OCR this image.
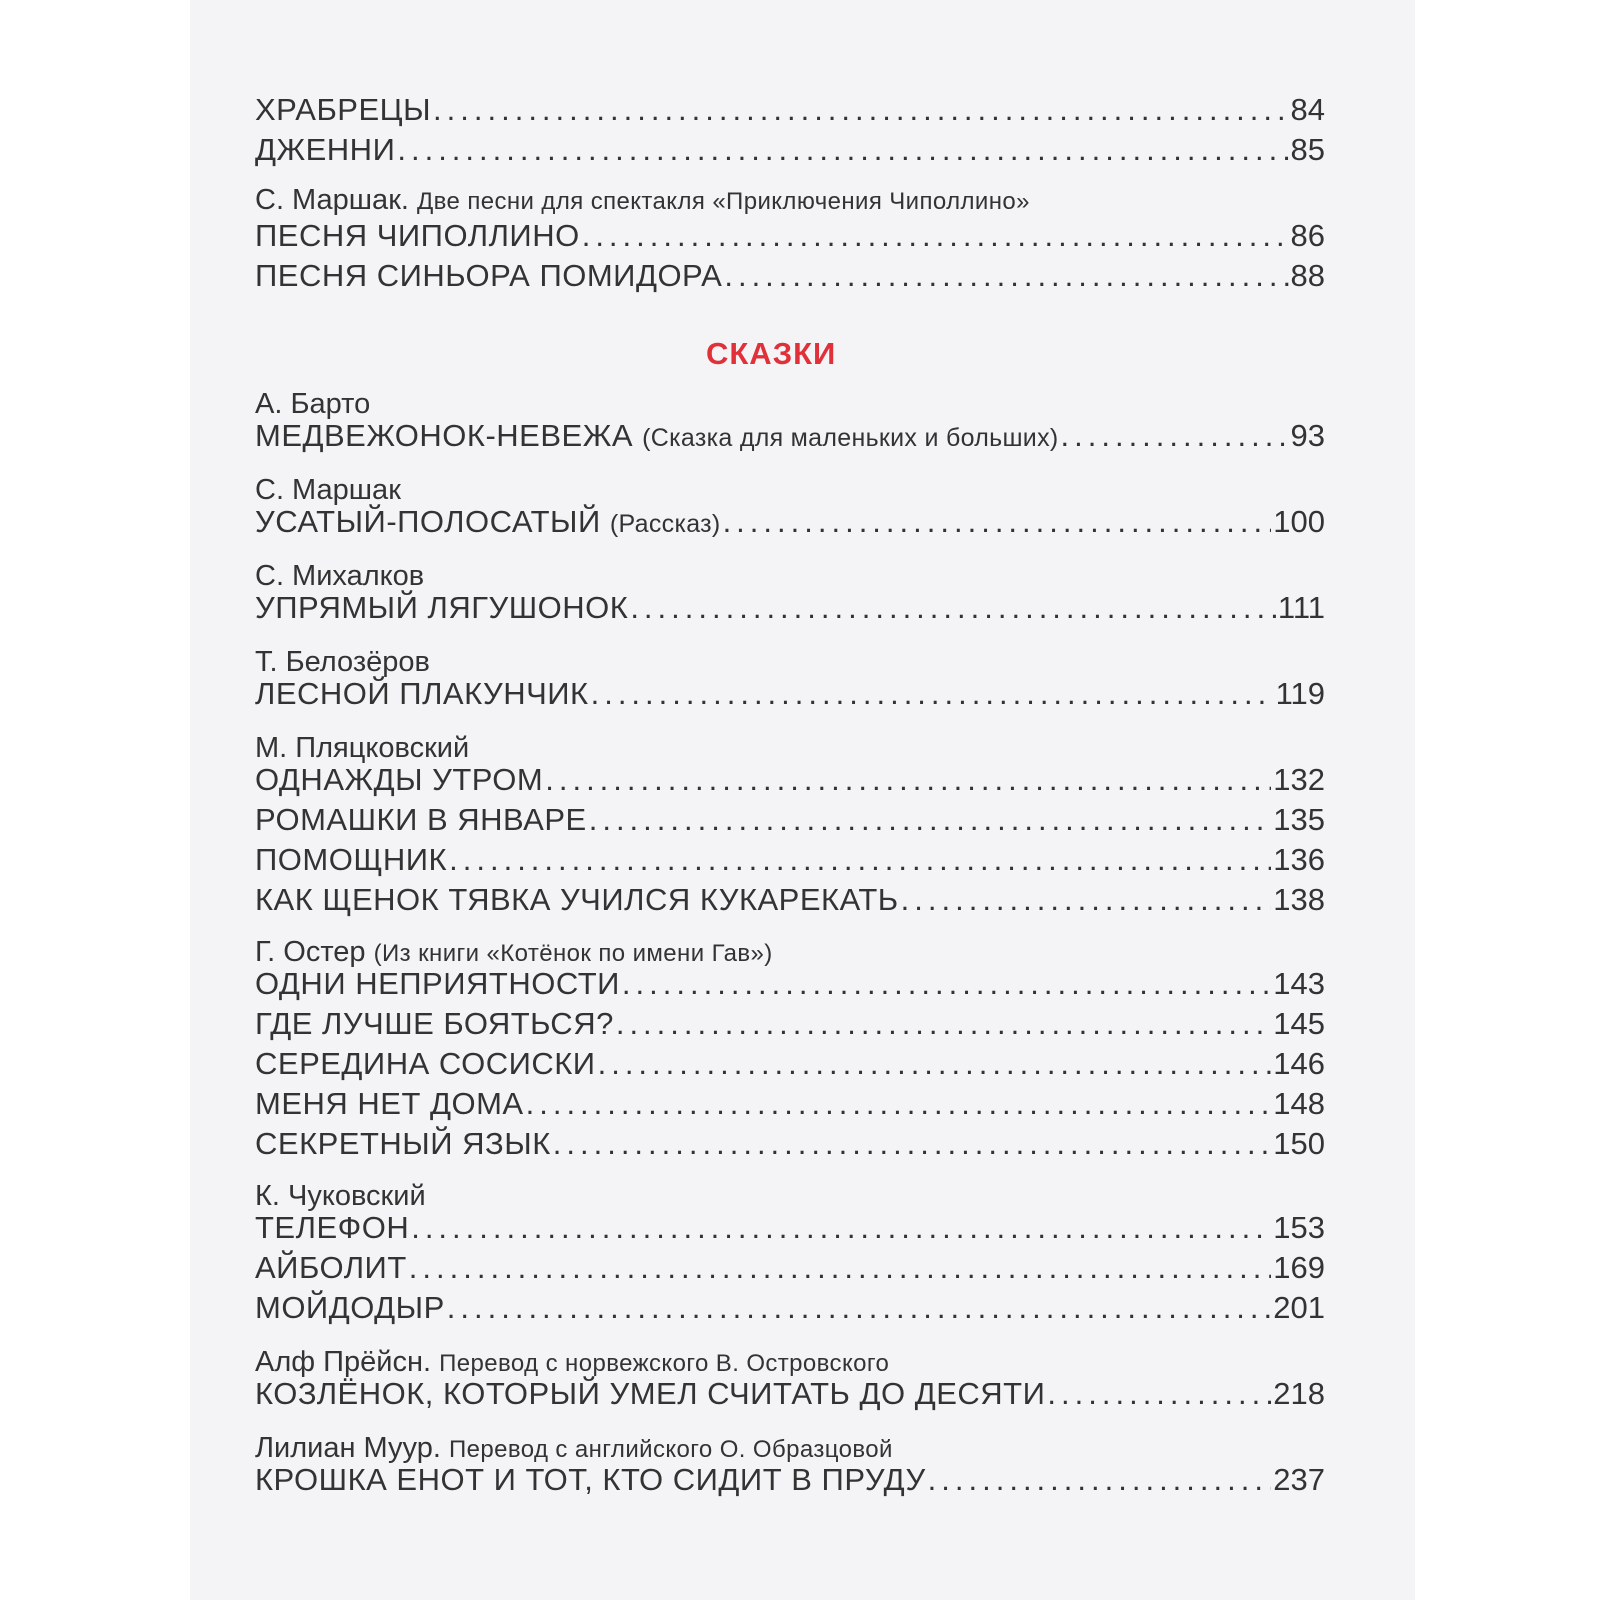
ХРАБРЕЦЫ .....	84
ДЖЕННИ .....	85
С. Маршак. Две песни для спектакля «Приключения Чиполлино»
ПЕСНЯ ЧИПОЛЛИНО .....	86
ПЕСНЯ СИНЬОРА ПОМИДОРА .....	88
СКАЗКИ
А. Барто
МЕДВЕЖОНОК-НЕВЕЖА (Сказка для маленьких и больших) .....	93
С. Маршак
УСАТЫЙ-ПОЛОСАТЫЙ (Рассказ) .....	100
С. Михалков
УПРЯМЫЙ ЛЯГУШОНОК .....	111
Т. Белозёров
ЛЕСНОЙ ПЛАКУНЧИК .....	119
М. Пляцковский
ОДНАЖДЫ УТРОМ .....	132
РОМАШКИ В ЯНВАРЕ .....	135
ПОМОЩНИК .....	136
КАК ЩЕНОК ТЯВКА УЧИЛСЯ КУКАРЕКАТЬ .....	138
Г. Остер (Из книги «Котёнок по имени Гав»)
ОДНИ НЕПРИЯТНОСТИ .....	143
ГДЕ ЛУЧШЕ БОЯТЬСЯ? .....	145
СЕРЕДИНА СОСИСКИ .....	146
МЕНЯ НЕТ ДОМА .....	148
СЕКРЕТНЫЙ ЯЗЫК .....	150
К. Чуковский
ТЕЛЕФОН .....	153
АЙБОЛИТ .....	169
МОЙДОДЫР .....	201
Алф Прёйсн. Перевод с норвежского В. Островского
КОЗЛЁНОК, КОТОРЫЙ УМЕЛ СЧИТАТЬ ДО ДЕСЯТИ .....	218
Лилиан Муур. Перевод с английского О. Образцовой
КРОШКА ЕНОТ И ТОТ, КТО СИДИТ В ПРУДУ .....	237
